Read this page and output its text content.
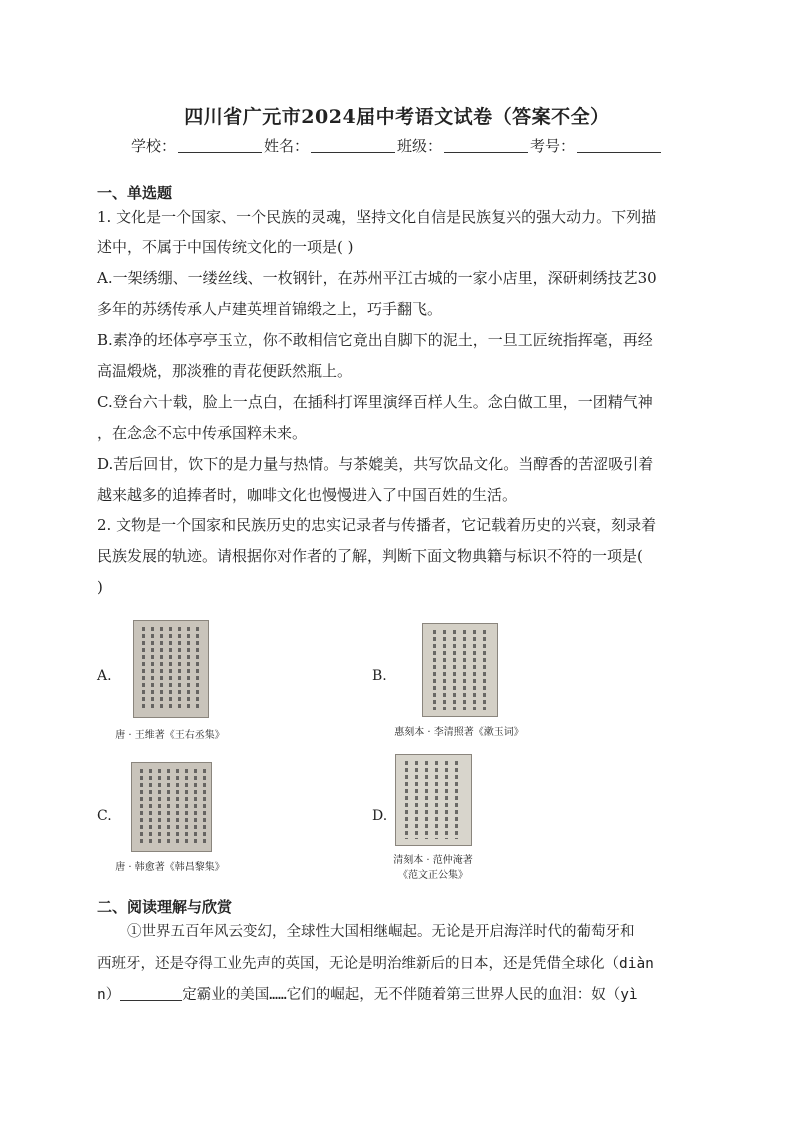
四川省广元市2024届中考语文试卷（答案不全）
学校：	姓名：	班级：	考号：
一、单选题
1. 文化是一个国家、一个民族的灵魂，坚持文化自信是民族复兴的强大动力。下列描
述中，不属于中国传统文化的一项是( )
A.一架绣绷、一缕丝线、一枚钢针，在苏州平江古城的一家小店里，深研刺绣技艺30
多年的苏绣传承人卢建英埋首锦缎之上，巧手翻飞。
B.素净的坯体亭亭玉立，你不敢相信它竟出自脚下的泥土，一旦工匠统指挥毫，再经
高温煅烧，那淡雅的青花便跃然瓶上。
C.登台六十载，脸上一点白，在插科打诨里演绎百样人生。念白做工里，一团精气神
，在念念不忘中传承国粹未来。
D.苦后回甘，饮下的是力量与热情。与茶媲美，共写饮品文化。当醇香的苦涩吸引着
越来越多的追捧者时，咖啡文化也慢慢进入了中国百姓的生活。
2. 文物是一个国家和民族历史的忠实记录者与传播者，它记载着历史的兴衰，刻录着
民族发展的轨迹。请根据你对作者的了解，判断下面文物典籍与标识不符的一项是(
)
A.
唐 · 王维著《王右丞集》
B.
惠刻本 · 李清照著《漱玉词》
C.
唐 · 韩愈著《韩昌黎集》
D.
清刻本 · 范仲淹著
《范文正公集》
二、阅读理解与欣赏
①世界五百年风云变幻，全球性大国相继崛起。无论是开启海洋时代的葡萄牙和
西班牙，还是夺得工业先声的英国，无论是明治维新后的日本，还是凭借全球化（diàn
n）	定霸业的美国……它们的崛起，无不伴随着第三世界人民的血泪：奴（yì
